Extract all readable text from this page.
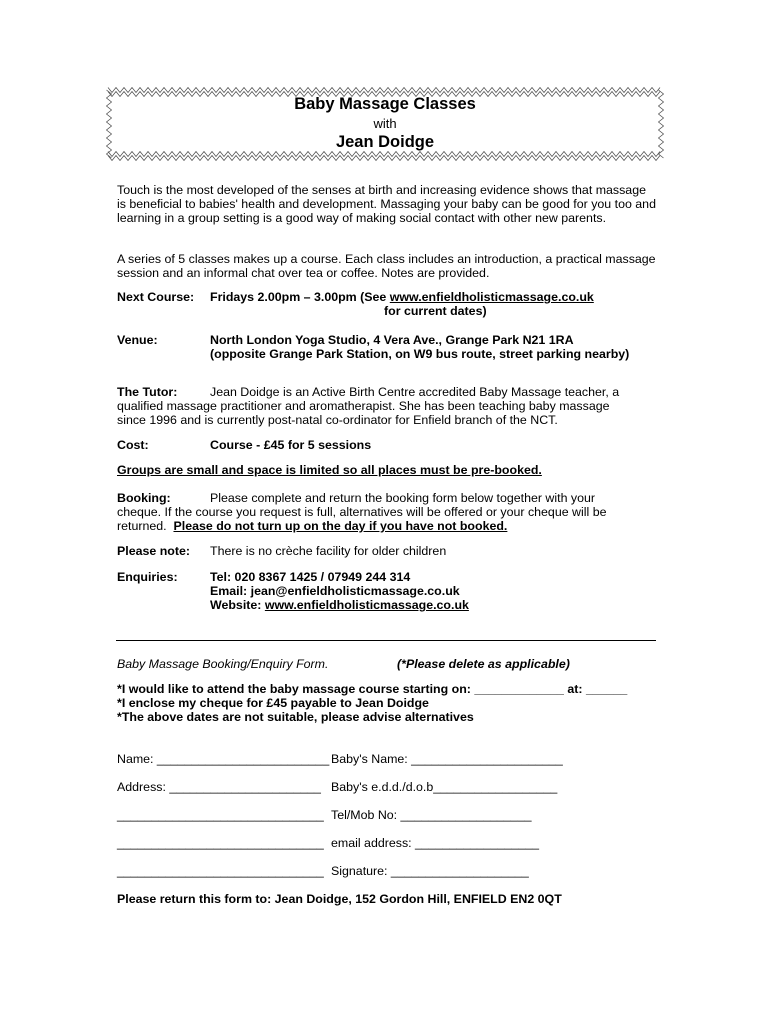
Baby Massage Classes
with
Jean Doidge
Touch is the most developed of the senses at birth and increasing evidence shows that massage is beneficial to babies' health and development. Massaging your baby can be good for you too and learning in a group setting is a good way of making social contact with other new parents.
A series of 5 classes makes up a course. Each class includes an introduction, a practical massage session and an informal chat over tea or coffee. Notes are provided.
Next Course: Fridays 2.00pm – 3.00pm (See www.enfieldholisticmassage.co.uk
for current dates)
Venue:	North London Yoga Studio, 4 Vera Ave., Grange Park N21 1RA
(opposite Grange Park Station, on W9 bus route, street parking nearby)
The Tutor:	Jean Doidge is an Active Birth Centre accredited Baby Massage teacher, a
qualified massage practitioner and aromatherapist. She has been teaching baby massage
since 1996 and is currently post-natal co-ordinator for Enfield branch of the NCT.
Cost:	Course - £45 for 5 sessions
Groups are small and space is limited so all places must be pre-booked.
Booking:	Please complete and return the booking form below together with your
cheque. If the course you request is full, alternatives will be offered or your cheque will be
returned.  Please do not turn up on the day if you have not booked.
Please note: There is no crèche facility for older children
Enquiries:	Tel: 020 8367 1425 / 07949 244 314
Email: jean@enfieldholisticmassage.co.uk
Website: www.enfieldholisticmassage.co.uk
Baby Massage Booking/Enquiry Form.	(*Please delete as applicable)
*I would like to attend the baby massage course starting on: _____________ at: ______
*I enclose my cheque for £45 payable to Jean Doidge
*The above dates are not suitable, please advise alternatives
Name: _________________________ Baby's Name: ______________________
Address: ______________________ Baby's e.d.d./d.o.b__________________
______________________________ Tel/Mob No: ___________________
______________________________ email address: __________________
______________________________ Signature: ____________________
Please return this form to: Jean Doidge, 152 Gordon Hill, ENFIELD EN2 0QT
